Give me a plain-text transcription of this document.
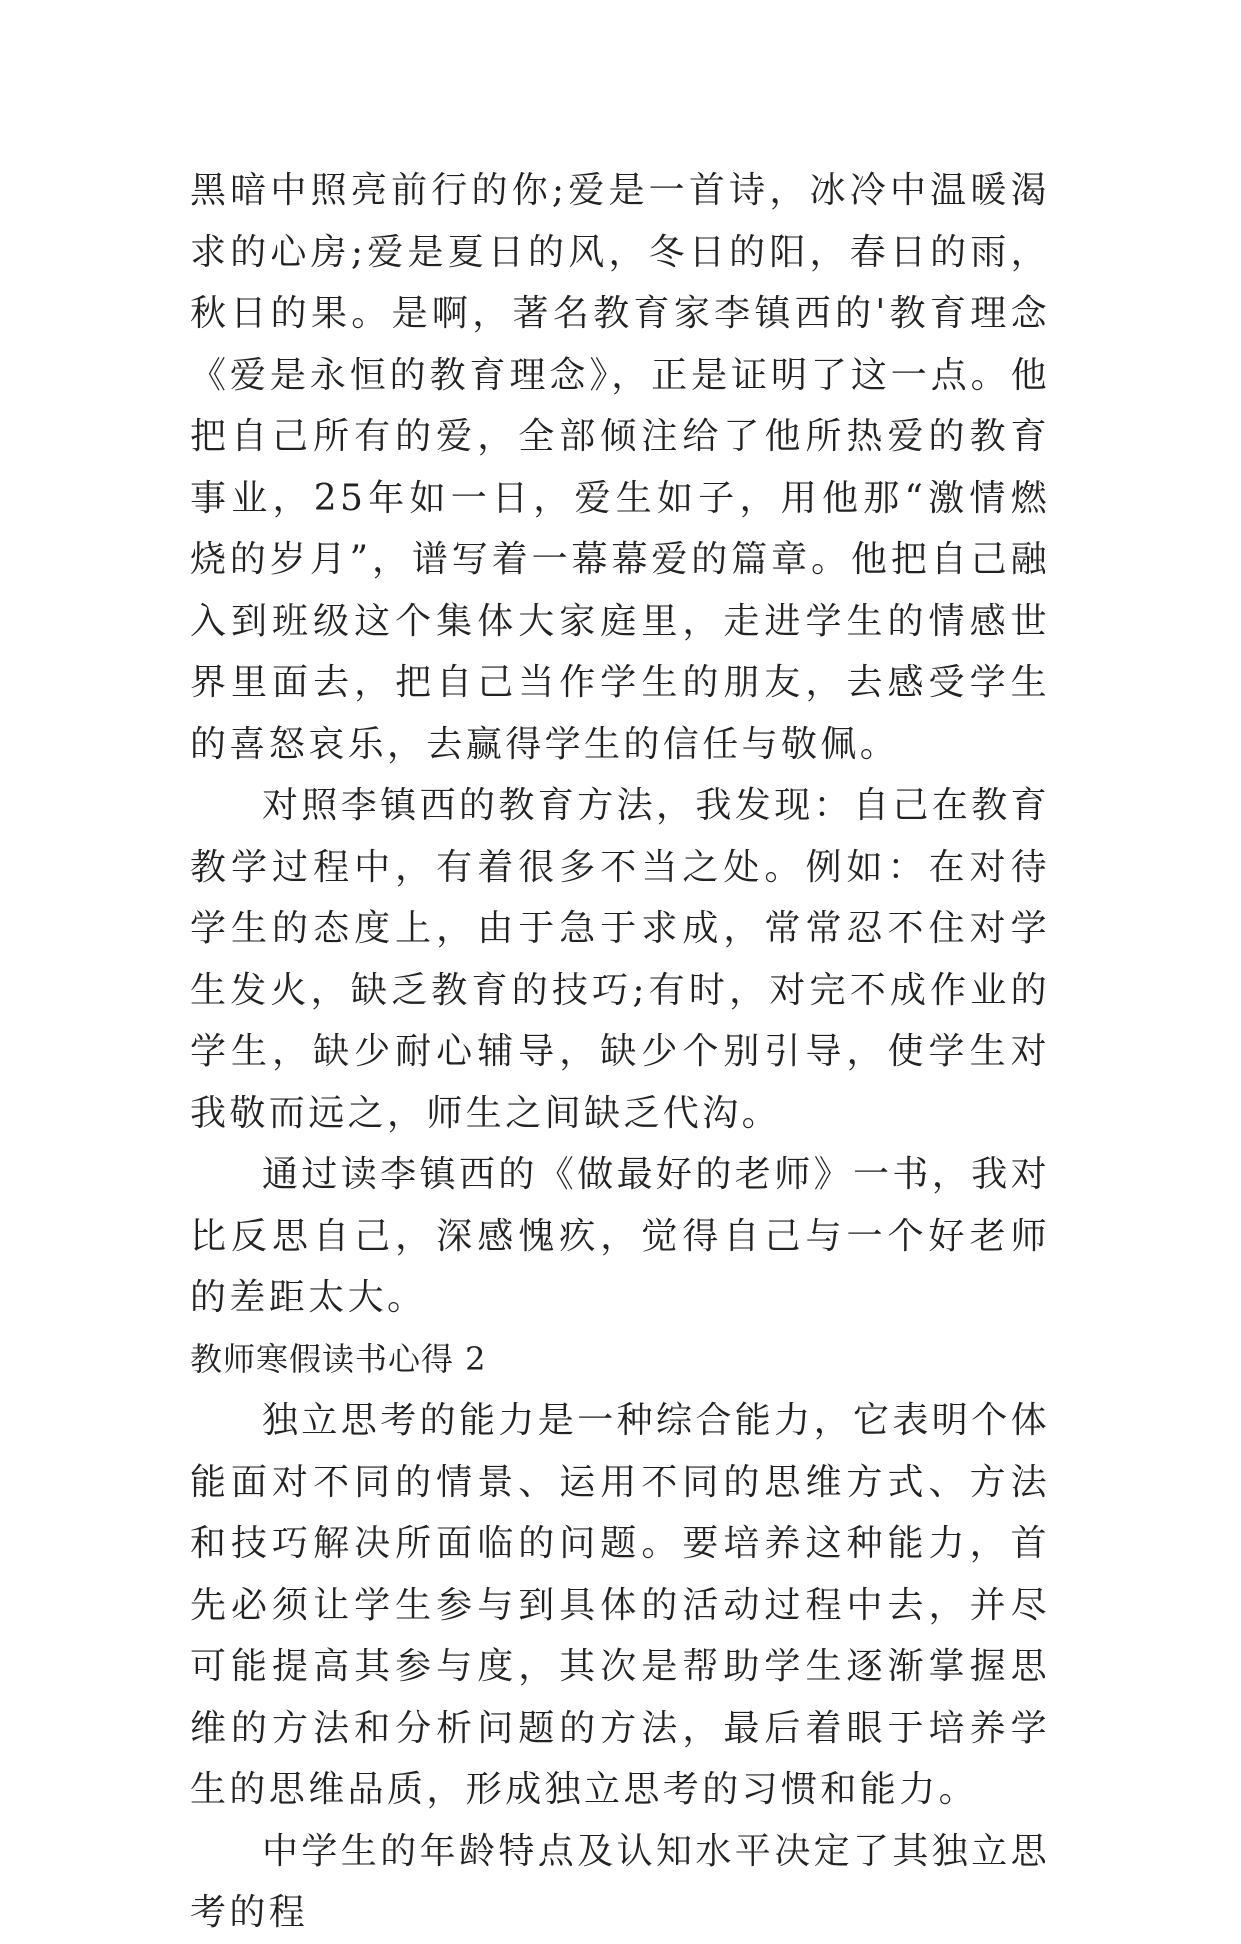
黑暗中照亮前行的你;爱是一首诗，冰冷中温暖渴求的心房;爱是夏日的风，冬日的阳，春日的雨，秋日的果。是啊，著名教育家李镇西的'教育理念《爱是永恒的教育理念》，正是证明了这一点。他把自己所有的爱，全部倾注给了他所热爱的教育事业，25年如一日，爱生如子，用他那“激情燃烧的岁月”，谱写着一幕幕爱的篇章。他把自己融入到班级这个集体大家庭里，走进学生的情感世界里面去，把自己当作学生的朋友，去感受学生的喜怒哀乐，去赢得学生的信任与敬佩。

对照李镇西的教育方法，我发现：自己在教育教学过程中，有着很多不当之处。例如：在对待学生的态度上，由于急于求成，常常忍不住对学生发火，缺乏教育的技巧;有时，对完不成作业的学生，缺少耐心辅导，缺少个别引导，使学生对我敬而远之，师生之间缺乏代沟。

通过读李镇西的《做最好的老师》一书，我对比反思自己，深感愧疚，觉得自己与一个好老师的差距太大。

教师寒假读书心得 2

独立思考的能力是一种综合能力，它表明个体能面对不同的情景、运用不同的思维方式、方法和技巧解决所面临的问题。要培养这种能力，首先必须让学生参与到具体的活动过程中去，并尽可能提高其参与度，其次是帮助学生逐渐掌握思维的方法和分析问题的方法，最后着眼于培养学生的思维品质，形成独立思考的习惯和能力。

中学生的年龄特点及认知水平决定了其独立思考的程
